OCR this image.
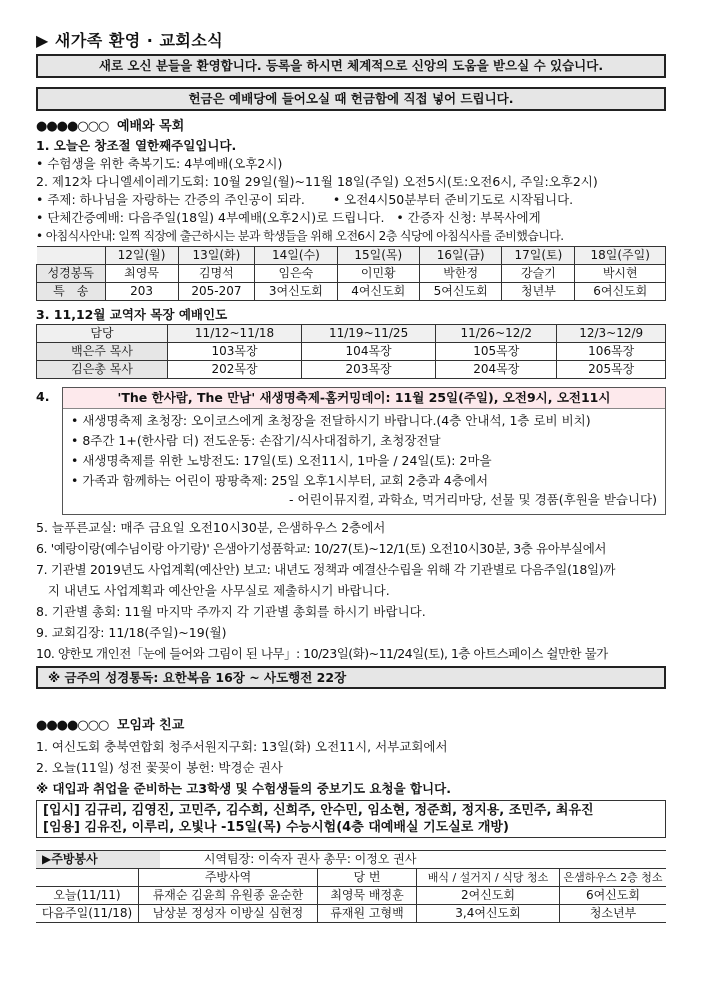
▶ 새가족 환영 · 교회소식
새로 오신 분들을 환영합니다. 등록을 하시면 체계적으로 신앙의 도움을 받으실 수 있습니다.
헌금은 예배당에 들어오실 때 헌금함에 직접 넣어 드립니다.
●●●●○○○ 예배와 목회
1. 오늘은 창조절 열한째주일입니다.
• 수험생을 위한 축복기도: 4부예배(오후2시)
2. 제12차 다니엘세이레기도회: 10월 29일(월)~11월 18일(주일) 오전5시(토:오전6시, 주일:오후2시)
• 주제: 하나님을 자랑하는 간증의 주인공이 되라. • 오전4시50분부터 준비기도로 시작됩니다.
• 단체간증예배: 다음주일(18일) 4부예배(오후2시)로 드립니다. • 간증자 신청: 부목사에게
• 아침식사안내: 일찍 직장에 출근하시는 분과 학생들을 위해 오전6시 2층 식당에 아침식사를 준비했습니다.
	12일(월)	13일(화)	14일(수)	15일(목)	16일(금)	17일(토)	18일(주일)
성경봉독	최영묵	김명석	임은숙	이민황	박한정	강슬기	박시현
특　송	203	205-207	3여신도회	4여신도회	5여신도회	청년부	6여신도회
3. 11,12월 교역자 목장 예배인도
담당	11/12~11/18	11/19~11/25	11/26~12/2	12/3~12/9
백은주 목사	103목장	104목장	105목장	106목장
김은총 목사	202목장	203목장	204목장	205목장
4.	'The 한사람, The 만남' 새생명축제-홈커밍데이: 11월 25일(주일), 오전9시, 오전11시
• 새생명축제 초청장: 오이코스에게 초청장을 전달하시기 바랍니다.(4층 안내석, 1층 로비 비치)
• 8주간 1+(한사람 더) 전도운동: 손잡기/식사대접하기, 초청장전달
• 새생명축제를 위한 노방전도: 17일(토) 오전11시, 1마을 / 24일(토): 2마을
• 가족과 함께하는 어린이 팡팡축제: 25일 오후1시부터, 교회 2층과 4층에서
- 어린이뮤지컬, 과학쇼, 먹거리마당, 선물 및 경품(후원을 받습니다)
5. 늘푸른교실: 매주 금요일 오전10시30분, 은샘하우스 2층에서
6. '예랑이랑(예수님이랑 아기랑)' 은샘아기성품학교: 10/27(토)~12/1(토) 오전10시30분, 3층 유아부실에서
7. 기관별 2019년도 사업계획(예산안) 보고: 내년도 정책과 예결산수립을 위해 각 기관별로 다음주일(18일)까
지 내년도 사업계획과 예산안을 사무실로 제출하시기 바랍니다.
8. 기관별 총회: 11월 마지막 주까지 각 기관별 총회를 하시기 바랍니다.
9. 교회김장: 11/18(주일)~19(월)
10. 양한모 개인전「눈에 들어와 그림이 된 나무」: 10/23일(화)~11/24일(토), 1층 아트스페이스 쉴만한 물가
※ 금주의 성경통독: 요한복음 16장 ~ 사도행전 22장
●●●●○○○ 모임과 친교
1. 여신도회 충북연합회 청주서원지구회: 13일(화) 오전11시, 서부교회에서
2. 오늘(11일) 성전 꽃꽂이 봉헌: 박경순 권사
※ 대입과 취업을 준비하는 고3학생 및 수험생들의 중보기도 요청을 합니다.
[입시] 김규리, 김영진, 고민주, 김수희, 신희주, 안수민, 임소현, 정준희, 정지용, 조민주, 최유진
[임용] 김유진, 이루리, 오빛나 -15일(목) 수능시험(4층 대예배실 기도실로 개방)
▶주방봉사 시역팀장: 이숙자 권사 총무: 이정오 권사				
	주방사역	당 번	배식 / 설거지 / 식당 청소	은샘하우스 2층 청소
오늘(11/11)	류재순 김윤희 유원종 윤순한	최영묵 배정훈	2여신도회	6여신도회
다음주일(11/18)	남상분 정성자 이방실 심현정	류재원 고형백	3,4여신도회	청소년부
